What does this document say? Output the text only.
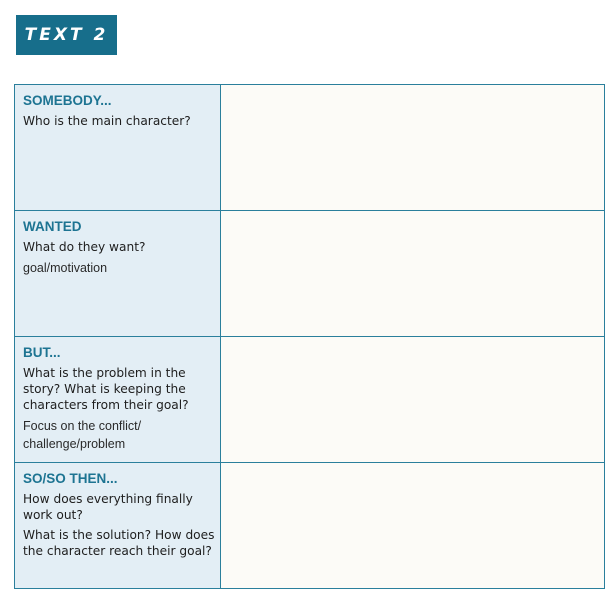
TEXT 2
SOMEBODY...
Who is the main character?	

WANTED
What do they want?
goal/motivation	

BUT...
What is the problem in the story? What is keeping the characters from their goal?
Focus on the conflict/ challenge/problem	

SO/SO THEN...
How does everything finally work out?
What is the solution? How does the character reach their goal?	
